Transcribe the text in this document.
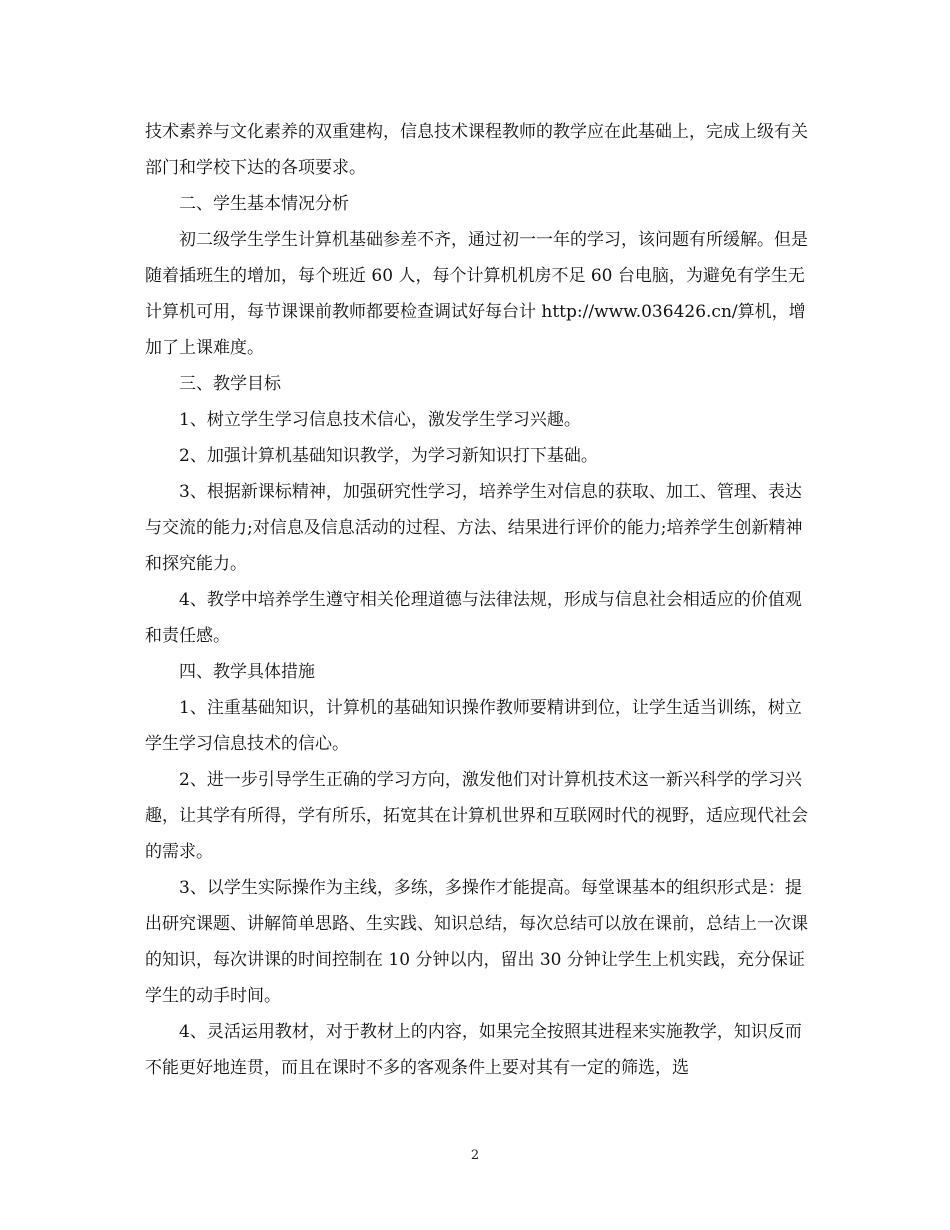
技术素养与文化素养的双重建构，信息技术课程教师的教学应在此基础上，完成上级有关部门和学校下达的各项要求。

二、学生基本情况分析

初二级学生学生计算机基础参差不齐，通过初一一年的学习，该问题有所缓解。但是随着插班生的增加，每个班近 60 人，每个计算机机房不足 60 台电脑，为避免有学生无计算机可用，每节课课前教师都要检查调试好每台计 http://www.036426.cn/算机，增加了上课难度。

三、教学目标

1、树立学生学习信息技术信心，激发学生学习兴趣。

2、加强计算机基础知识教学，为学习新知识打下基础。

3、根据新课标精神，加强研究性学习，培养学生对信息的获取、加工、管理、表达与交流的能力;对信息及信息活动的过程、方法、结果进行评价的能力;培养学生创新精神和探究能力。

4、教学中培养学生遵守相关伦理道德与法律法规，形成与信息社会相适应的价值观和责任感。

四、教学具体措施

1、注重基础知识，计算机的基础知识操作教师要精讲到位，让学生适当训练，树立学生学习信息技术的信心。

2、进一步引导学生正确的学习方向，激发他们对计算机技术这一新兴科学的学习兴趣，让其学有所得，学有所乐，拓宽其在计算机世界和互联网时代的视野，适应现代社会的需求。

3、以学生实际操作为主线，多练，多操作才能提高。每堂课基本的组织形式是：提出研究课题、讲解简单思路、生实践、知识总结，每次总结可以放在课前，总结上一次课的知识，每次讲课的时间控制在 10 分钟以内，留出 30 分钟让学生上机实践，充分保证学生的动手时间。

4、灵活运用教材，对于教材上的内容，如果完全按照其进程来实施教学，知识反而不能更好地连贯，而且在课时不多的客观条件上要对其有一定的筛选，选

2
